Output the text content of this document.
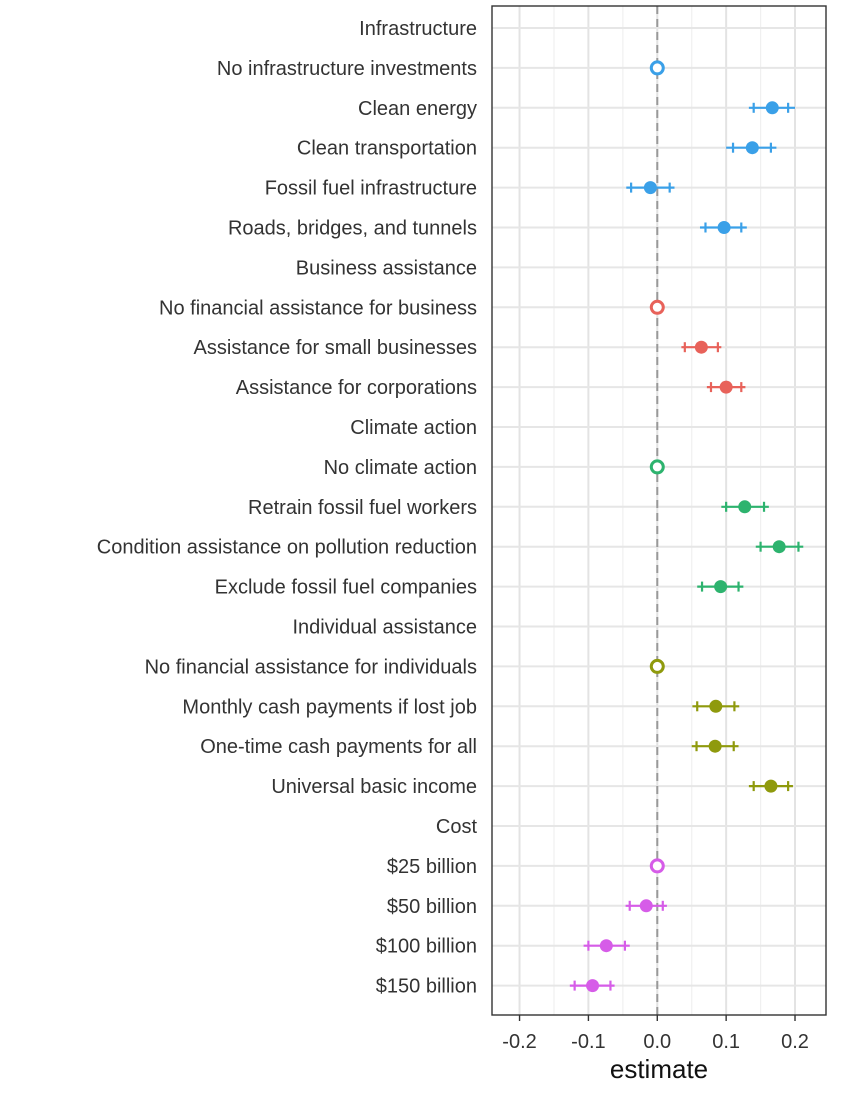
Infrastructure
No infrastructure investments
Clean energy
Clean transportation
Fossil fuel infrastructure
Roads, bridges, and tunnels
Business assistance
No financial assistance for business
Assistance for small businesses
Assistance for corporations
Climate action
No climate action
Retrain fossil fuel workers
Condition assistance on pollution reduction
Exclude fossil fuel companies
Individual assistance
No financial assistance for individuals
Monthly cash payments if lost job
One-time cash payments for all
Universal basic income
Cost
$25 billion
$50 billion
$100 billion
$150 billion
-0.2 -0.1 0.0 0.1 0.2
estimate
